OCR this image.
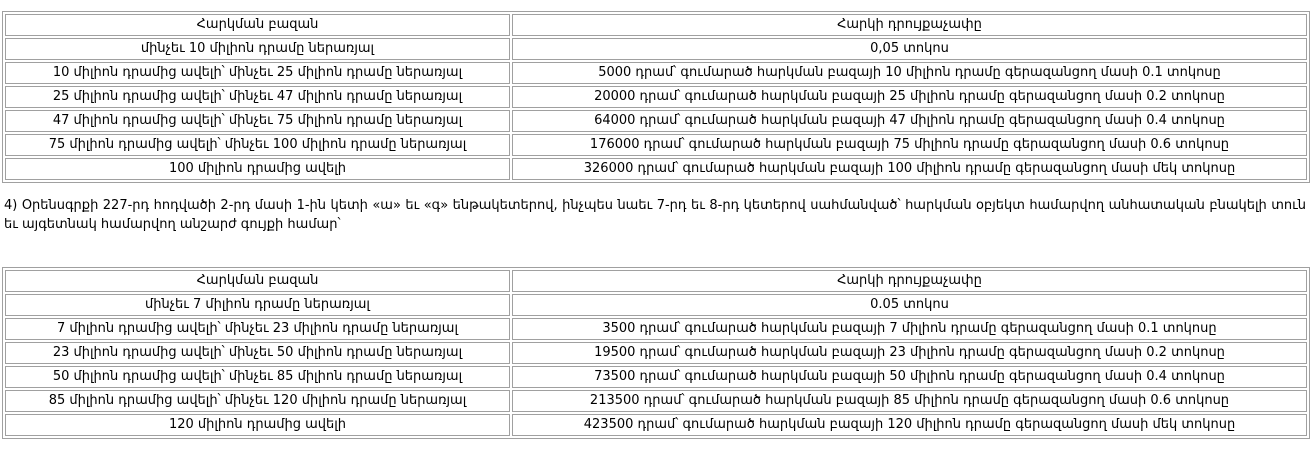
Հարկման բազան	Հարկի դրույքաչափը
մինչեւ 10 միլիոն դրամը ներառյալ	0,05 տոկոս
10 միլիոն դրամից ավելի՝ մինչեւ 25 միլիոն դրամը ներառյալ	5000 դրամ՝ գումարած հարկման բազայի 10 միլիոն դրամը գերազանցող մասի 0.1 տոկոսը
25 միլիոն դրամից ավելի՝ մինչեւ 47 միլիոն դրամը ներառյալ	20000 դրամ՝ գումարած հարկման բազայի 25 միլիոն դրամը գերազանցող մասի 0.2 տոկոսը
47 միլիոն դրամից ավելի՝ մինչեւ 75 միլիոն դրամը ներառյալ	64000 դրամ՝ գումարած հարկման բազայի 47 միլիոն դրամը գերազանցող մասի 0.4 տոկոսը
75 միլիոն դրամից ավելի՝ մինչեւ 100 միլիոն դրամը ներառյալ	176000 դրամ՝ գումարած հարկման բազայի 75 միլիոն դրամը գերազանցող մասի 0.6 տոկոսը
100 միլիոն դրամից ավելի	326000 դրամ՝ գումարած հարկման բազայի 100 միլիոն դրամը գերազանցող մասի մեկ տոկոսը

4) Օրենսգրքի 227-րդ հոդվածի 2-րդ մասի 1-ին կետի «ա» եւ «գ» ենթակետերով, ինչպես նաեւ 7-րդ եւ 8-րդ կետերով սահմանված՝ հարկման օբյեկտ համարվող անհատական բնակելի տուն եւ այգետնակ համարվող անշարժ գույքի համար՝

Հարկման բազան	Հարկի դրույքաչափը
մինչեւ 7 միլիոն դրամը ներառյալ	0.05 տոկոս
7 միլիոն դրամից ավելի՝ մինչեւ 23 միլիոն դրամը ներառյալ	3500 դրամ՝ գումարած հարկման բազայի 7 միլիոն դրամը գերազանցող մասի 0.1 տոկոսը
23 միլիոն դրամից ավելի՝ մինչեւ 50 միլիոն դրամը ներառյալ	19500 դրամ՝ գումարած հարկման բազայի 23 միլիոն դրամը գերազանցող մասի 0.2 տոկոսը
50 միլիոն դրամից ավելի՝ մինչեւ 85 միլիոն դրամը ներառյալ	73500 դրամ՝ գումարած հարկման բազայի 50 միլիոն դրամը գերազանցող մասի 0.4 տոկոսը
85 միլիոն դրամից ավելի՝ մինչեւ 120 միլիոն դրամը ներառյալ	213500 դրամ՝ գումարած հարկման բազայի 85 միլիոն դրամը գերազանցող մասի 0.6 տոկոսը
120 միլիոն դրամից ավելի	423500 դրամ՝ գումարած հարկման բազայի 120 միլիոն դրամը գերազանցող մասի մեկ տոկոսը
